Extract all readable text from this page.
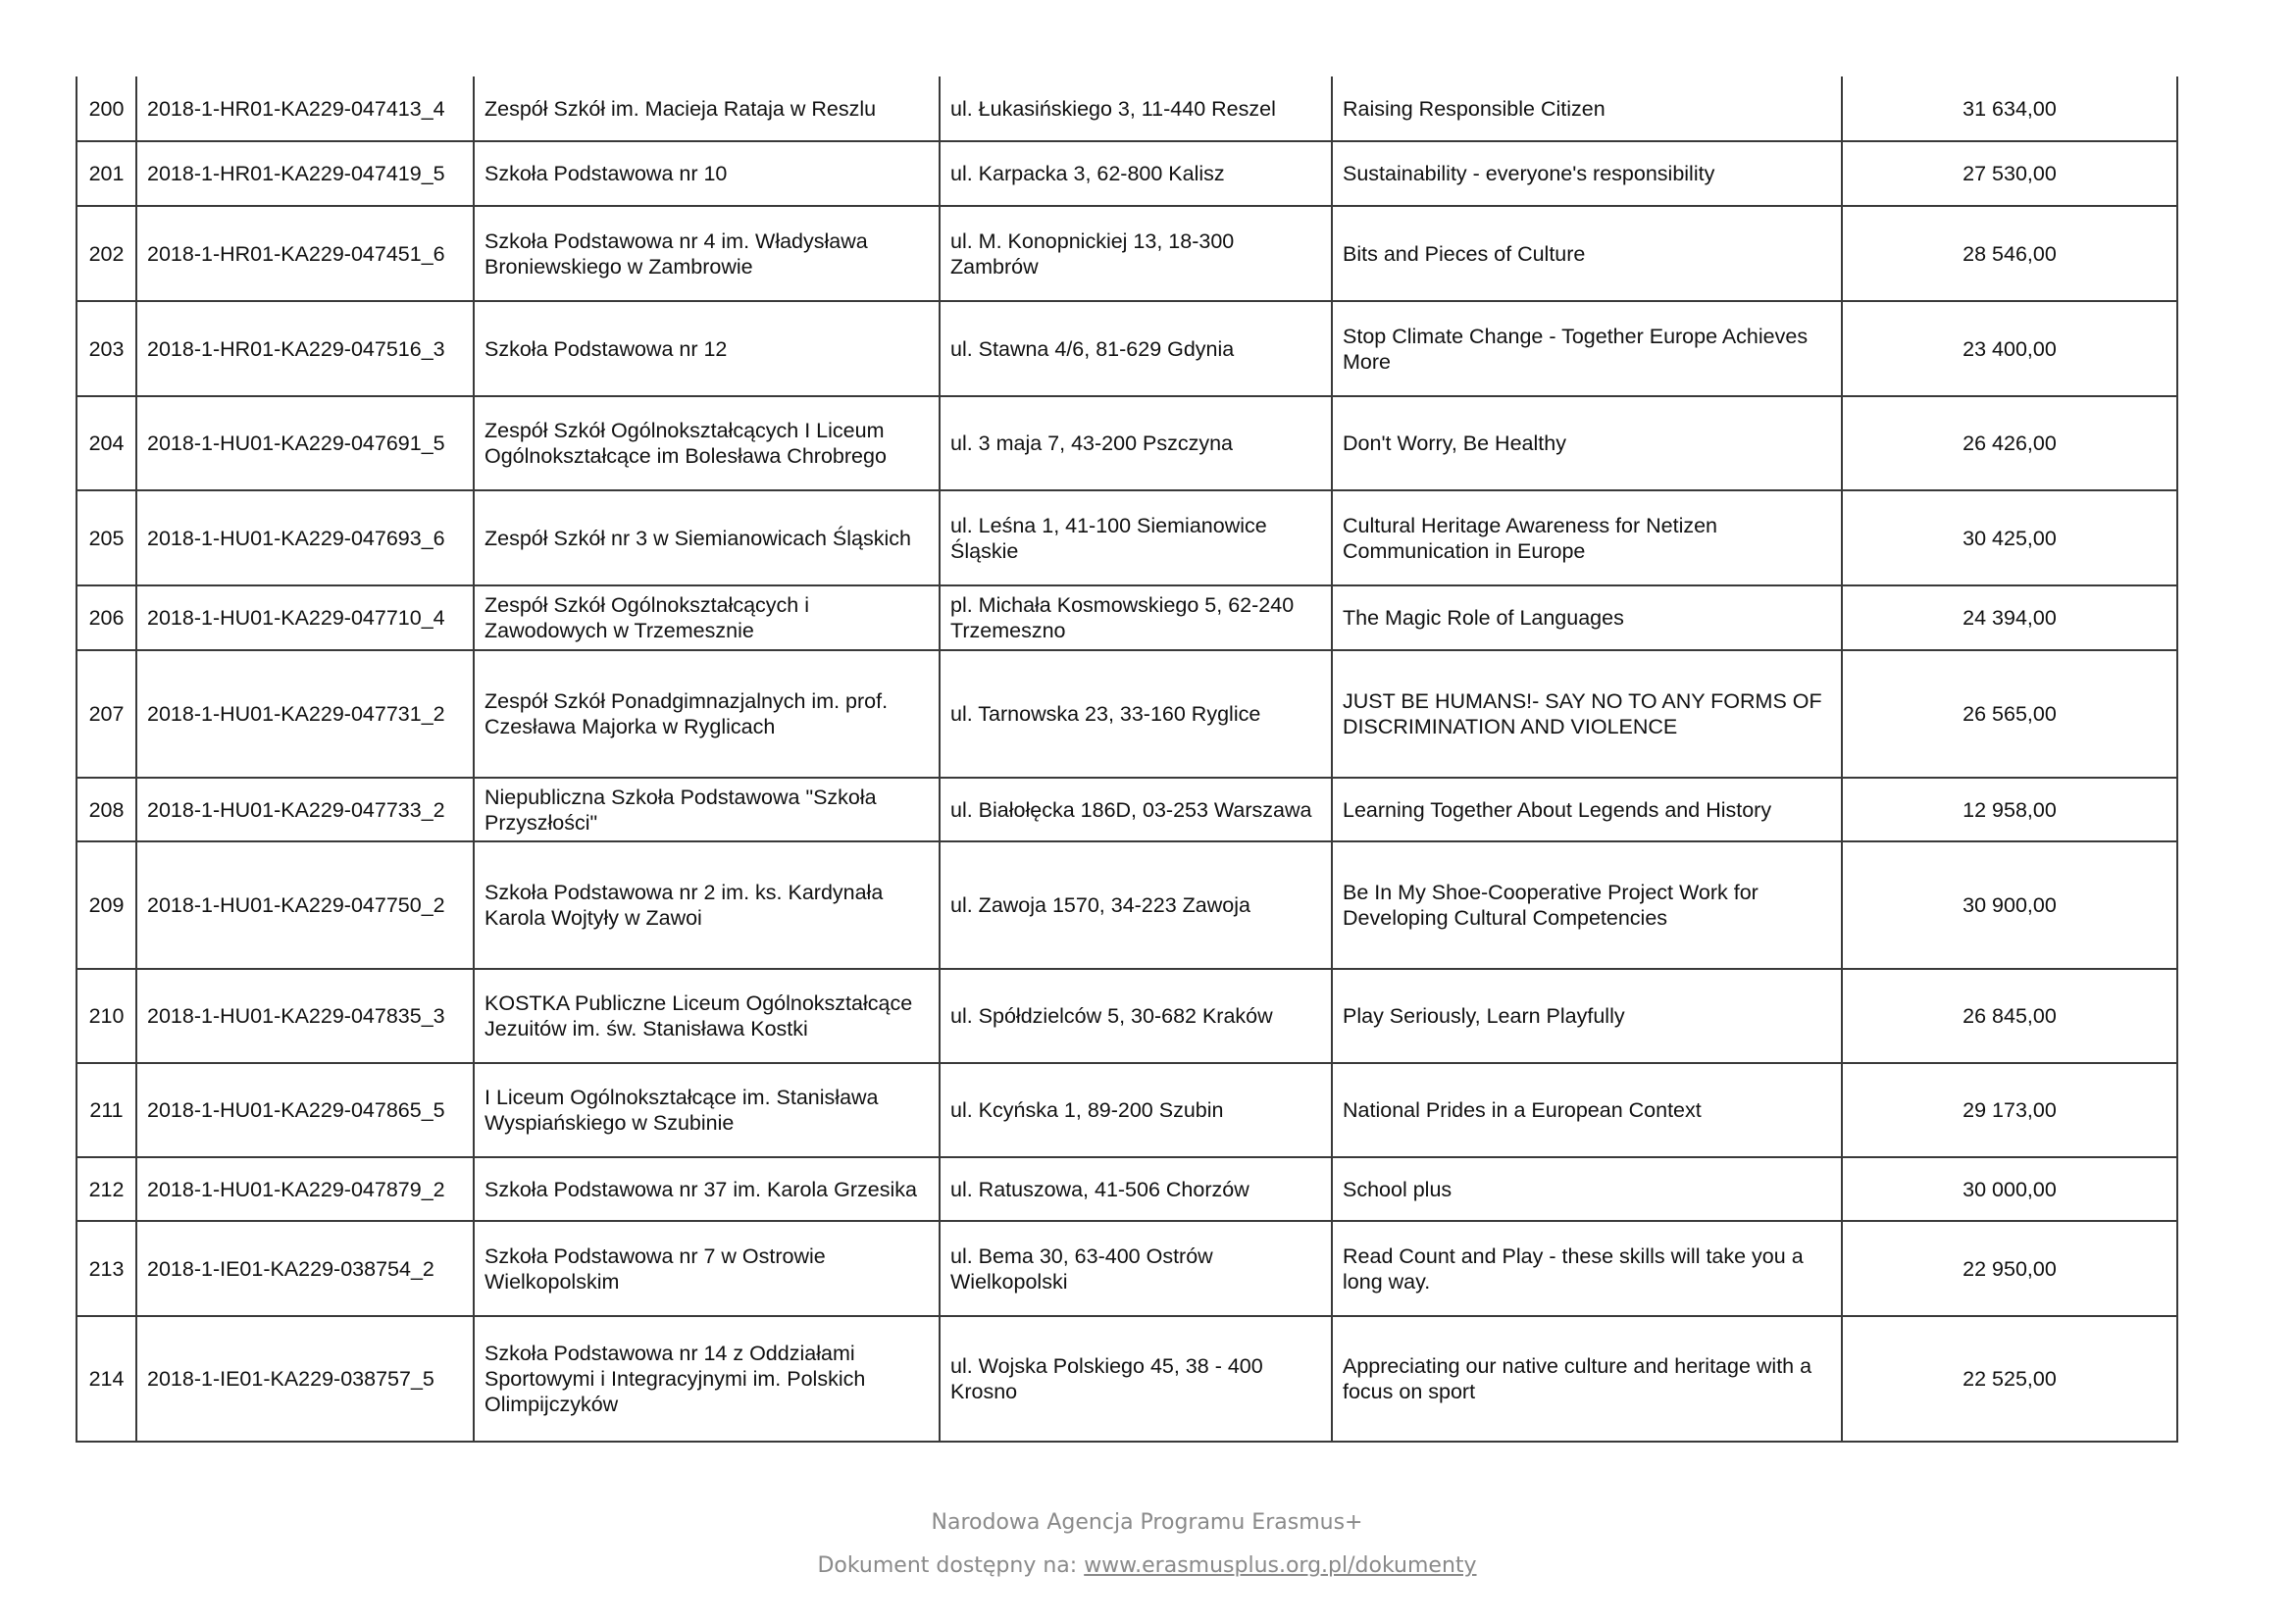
200	2018-1-HR01-KA229-047413_4	Zespół Szkół im. Macieja Rataja w Reszlu	ul. Łukasińskiego 3, 11-440 Reszel	Raising Responsible Citizen	31 634,00
201	2018-1-HR01-KA229-047419_5	Szkoła Podstawowa nr 10	ul. Karpacka 3, 62-800 Kalisz	Sustainability - everyone's responsibility	27 530,00
202	2018-1-HR01-KA229-047451_6	Szkoła Podstawowa nr 4 im. Władysława Broniewskiego w Zambrowie	ul. M. Konopnickiej 13, 18-300 Zambrów	Bits and Pieces of Culture	28 546,00
203	2018-1-HR01-KA229-047516_3	Szkoła Podstawowa nr 12	ul. Stawna 4/6, 81-629 Gdynia	Stop Climate Change - Together Europe Achieves More	23 400,00
204	2018-1-HU01-KA229-047691_5	Zespół Szkół Ogólnokształcących I Liceum Ogólnokształcące im Bolesława Chrobrego	ul. 3 maja 7, 43-200 Pszczyna	Don't Worry, Be Healthy	26 426,00
205	2018-1-HU01-KA229-047693_6	Zespół Szkół nr 3 w Siemianowicach Śląskich	ul. Leśna 1, 41-100 Siemianowice Śląskie	Cultural Heritage Awareness for Netizen Communication in Europe	30 425,00
206	2018-1-HU01-KA229-047710_4	Zespół Szkół Ogólnokształcących i Zawodowych w Trzemesznie	pl. Michała Kosmowskiego 5, 62-240 Trzemeszno	The Magic Role of Languages	24 394,00
207	2018-1-HU01-KA229-047731_2	Zespół Szkół Ponadgimnazjalnych im. prof. Czesława Majorka w Ryglicach	ul. Tarnowska 23, 33-160 Ryglice	JUST BE HUMANS!- SAY NO TO ANY FORMS OF DISCRIMINATION AND VIOLENCE	26 565,00
208	2018-1-HU01-KA229-047733_2	Niepubliczna Szkoła Podstawowa "Szkoła Przyszłości"	ul. Białołęcka 186D, 03-253 Warszawa	Learning Together About Legends and History	12 958,00
209	2018-1-HU01-KA229-047750_2	Szkoła Podstawowa nr 2 im. ks. Kardynała Karola Wojtyły w Zawoi	ul. Zawoja 1570, 34-223 Zawoja	Be In My Shoe-Cooperative Project Work for Developing Cultural Competencies	30 900,00
210	2018-1-HU01-KA229-047835_3	KOSTKA Publiczne Liceum Ogólnokształcące Jezuitów im. św. Stanisława Kostki	ul. Spółdzielców 5, 30-682 Kraków	Play Seriously, Learn Playfully	26 845,00
211	2018-1-HU01-KA229-047865_5	I Liceum Ogólnokształcące im. Stanisława Wyspiańskiego w Szubinie	ul. Kcyńska 1, 89-200 Szubin	National Prides in a European Context	29 173,00
212	2018-1-HU01-KA229-047879_2	Szkoła Podstawowa nr 37 im. Karola Grzesika	ul. Ratuszowa, 41-506 Chorzów	School plus	30 000,00
213	2018-1-IE01-KA229-038754_2	Szkoła Podstawowa nr 7 w Ostrowie Wielkopolskim	ul. Bema 30, 63-400 Ostrów Wielkopolski	Read Count and Play - these skills will take you a long way.	22 950,00
214	2018-1-IE01-KA229-038757_5	Szkoła Podstawowa nr 14 z Oddziałami Sportowymi i Integracyjnymi im. Polskich Olimpijczyków	ul. Wojska Polskiego 45, 38 - 400 Krosno	Appreciating our native culture and heritage with a focus on sport	22 525,00
Narodowa Agencja Programu Erasmus+
Dokument dostępny na: www.erasmusplus.org.pl/dokumenty
